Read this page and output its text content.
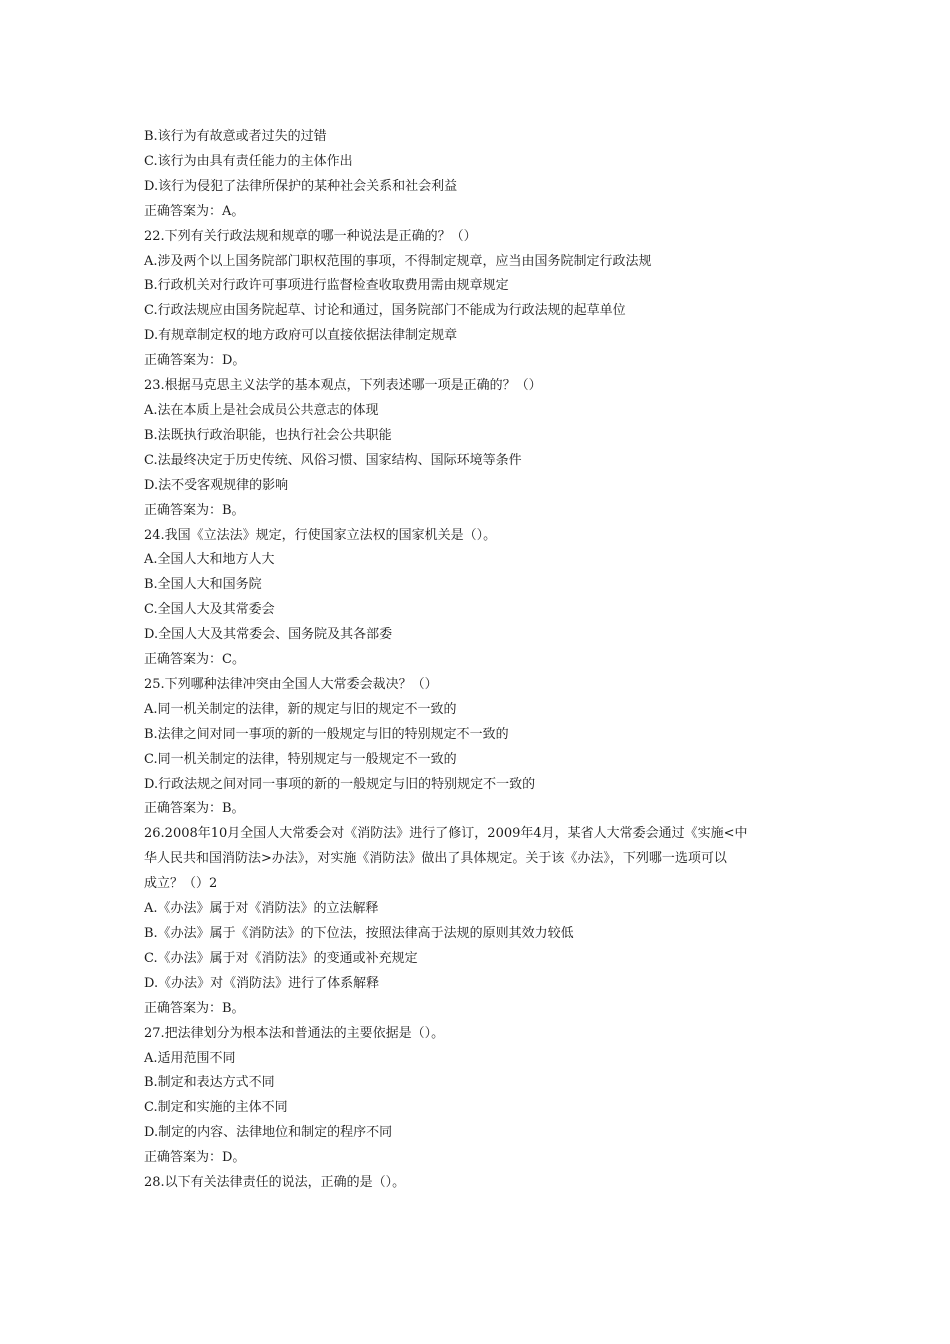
B.该行为有故意或者过失的过错

C.该行为由具有责任能力的主体作出

D.该行为侵犯了法律所保护的某种社会关系和社会利益

正确答案为：A。

22.下列有关行政法规和规章的哪一种说法是正确的？（）

A.涉及两个以上国务院部门职权范围的事项，不得制定规章，应当由国务院制定行政法规

B.行政机关对行政许可事项进行监督检查收取费用需由规章规定

C.行政法规应由国务院起草、讨论和通过，国务院部门不能成为行政法规的起草单位

D.有规章制定权的地方政府可以直接依据法律制定规章

正确答案为：D。

23.根据马克思主义法学的基本观点，下列表述哪一项是正确的？（）

A.法在本质上是社会成员公共意志的体现

B.法既执行政治职能，也执行社会公共职能

C.法最终决定于历史传统、风俗习惯、国家结构、国际环境等条件

D.法不受客观规律的影响

正确答案为：B。

24.我国《立法法》规定，行使国家立法权的国家机关是（）。

A.全国人大和地方人大

B.全国人大和国务院

C.全国人大及其常委会

D.全国人大及其常委会、国务院及其各部委

正确答案为：C。

25.下列哪种法律冲突由全国人大常委会裁决？（）

A.同一机关制定的法律，新的规定与旧的规定不一致的

B.法律之间对同一事项的新的一般规定与旧的特别规定不一致的

C.同一机关制定的法律，特别规定与一般规定不一致的

D.行政法规之间对同一事项的新的一般规定与旧的特别规定不一致的

正确答案为：B。

26.2008年10月全国人大常委会对《消防法》进行了修订，2009年4月，某省人大常委会通过《实施<中

华人民共和国消防法>办法》，对实施《消防法》做出了具体规定。关于该《办法》，下列哪一选项可以

成立？（）2

A.《办法》属于对《消防法》的立法解释

B.《办法》属于《消防法》的下位法，按照法律高于法规的原则其效力较低

C.《办法》属于对《消防法》的变通或补充规定

D.《办法》对《消防法》进行了体系解释

正确答案为：B。

27.把法律划分为根本法和普通法的主要依据是（）。

A.适用范围不同

B.制定和表达方式不同

C.制定和实施的主体不同

D.制定的内容、法律地位和制定的程序不同

正确答案为：D。

28.以下有关法律责任的说法，正确的是（）。
